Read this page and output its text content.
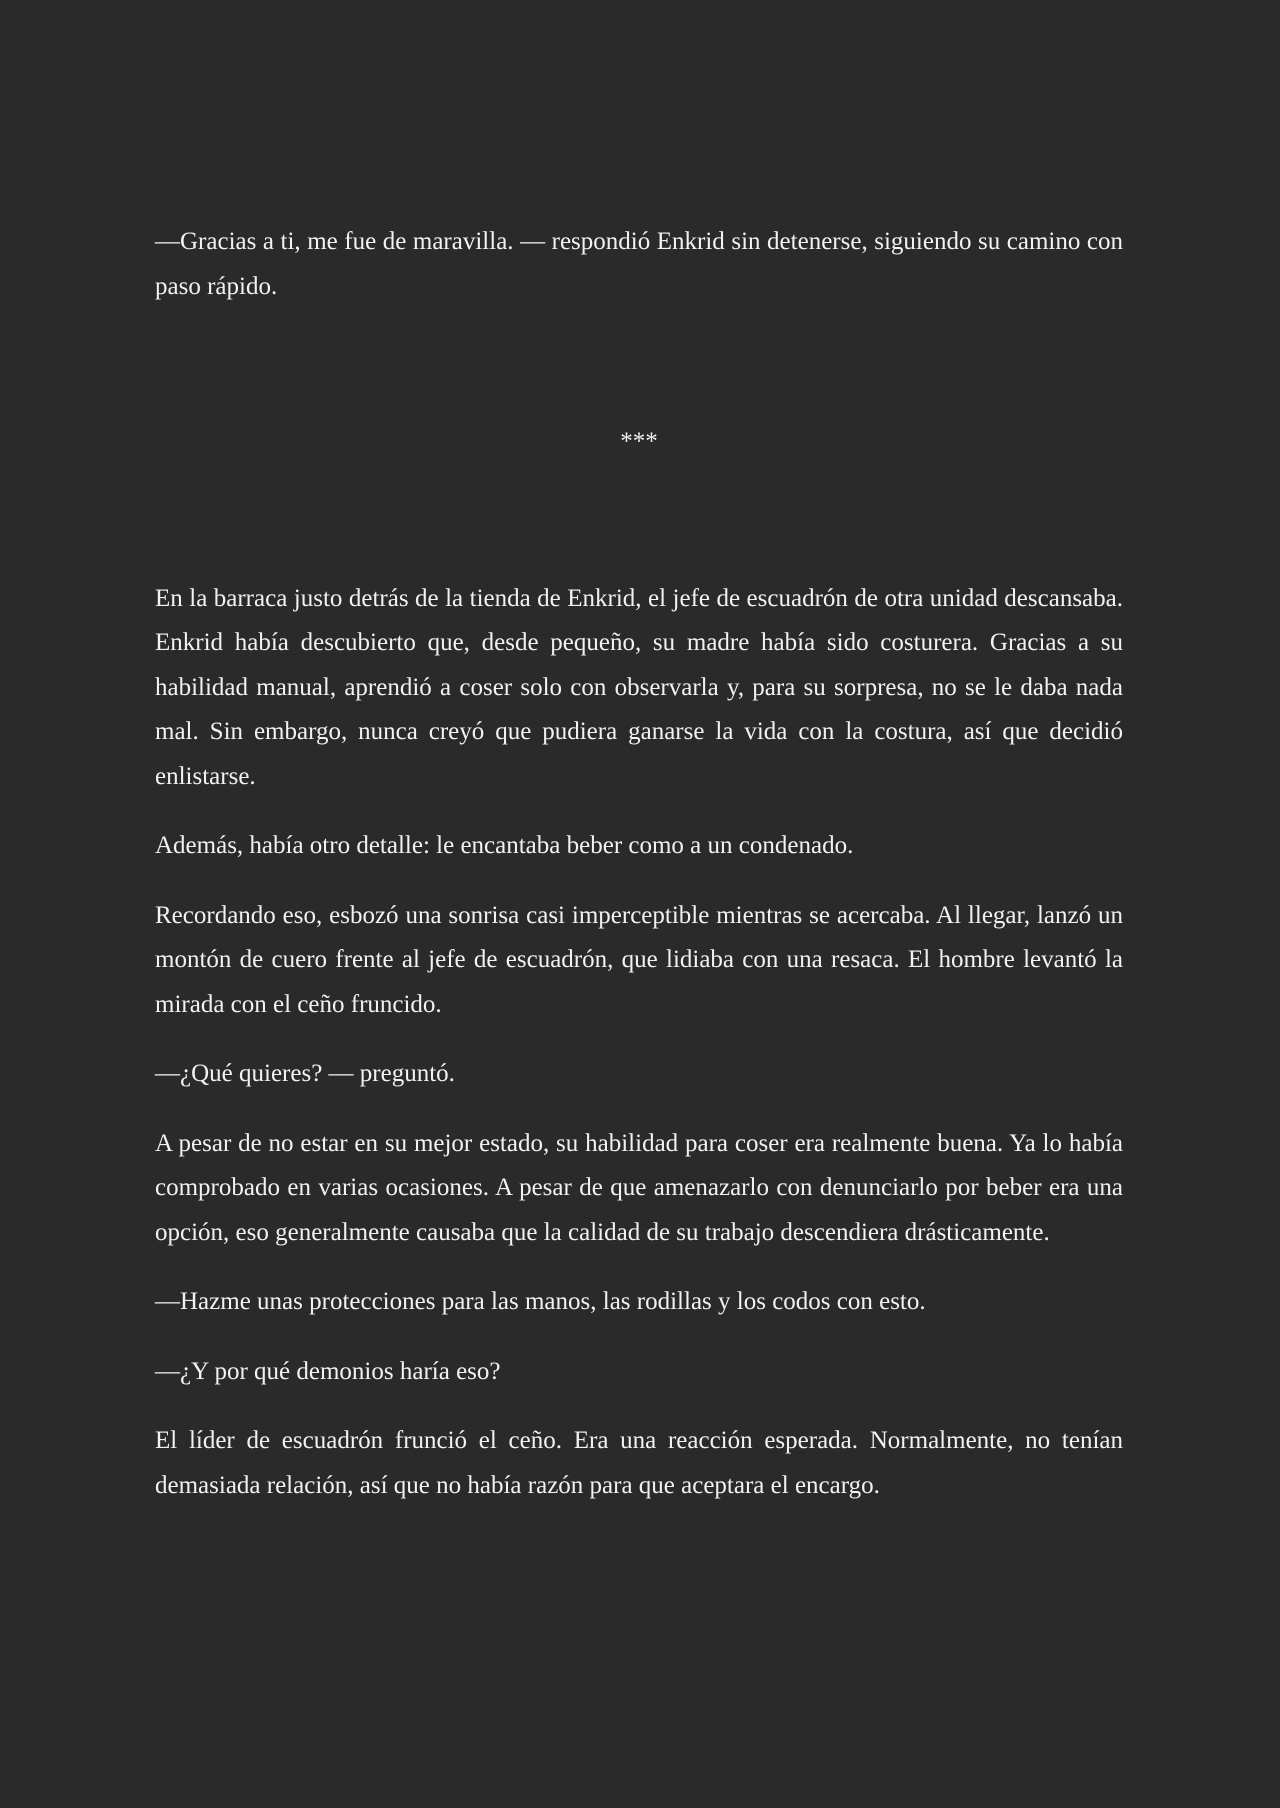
—Gracias a ti, me fue de maravilla. — respondió Enkrid sin detenerse, siguiendo su camino con paso rápido.

***

En la barraca justo detrás de la tienda de Enkrid, el jefe de escuadrón de otra unidad descansaba. Enkrid había descubierto que, desde pequeño, su madre había sido costurera. Gracias a su habilidad manual, aprendió a coser solo con observarla y, para su sorpresa, no se le daba nada mal. Sin embargo, nunca creyó que pudiera ganarse la vida con la costura, así que decidió enlistarse.

Además, había otro detalle: le encantaba beber como a un condenado.

Recordando eso, esbozó una sonrisa casi imperceptible mientras se acercaba. Al llegar, lanzó un montón de cuero frente al jefe de escuadrón, que lidiaba con una resaca. El hombre levantó la mirada con el ceño fruncido.

—¿Qué quieres? — preguntó.

A pesar de no estar en su mejor estado, su habilidad para coser era realmente buena. Ya lo había comprobado en varias ocasiones. A pesar de que amenazarlo con denunciarlo por beber era una opción, eso generalmente causaba que la calidad de su trabajo descendiera drásticamente.

—Hazme unas protecciones para las manos, las rodillas y los codos con esto.

—¿Y por qué demonios haría eso?

El líder de escuadrón frunció el ceño. Era una reacción esperada. Normalmente, no tenían demasiada relación, así que no había razón para que aceptara el encargo.
